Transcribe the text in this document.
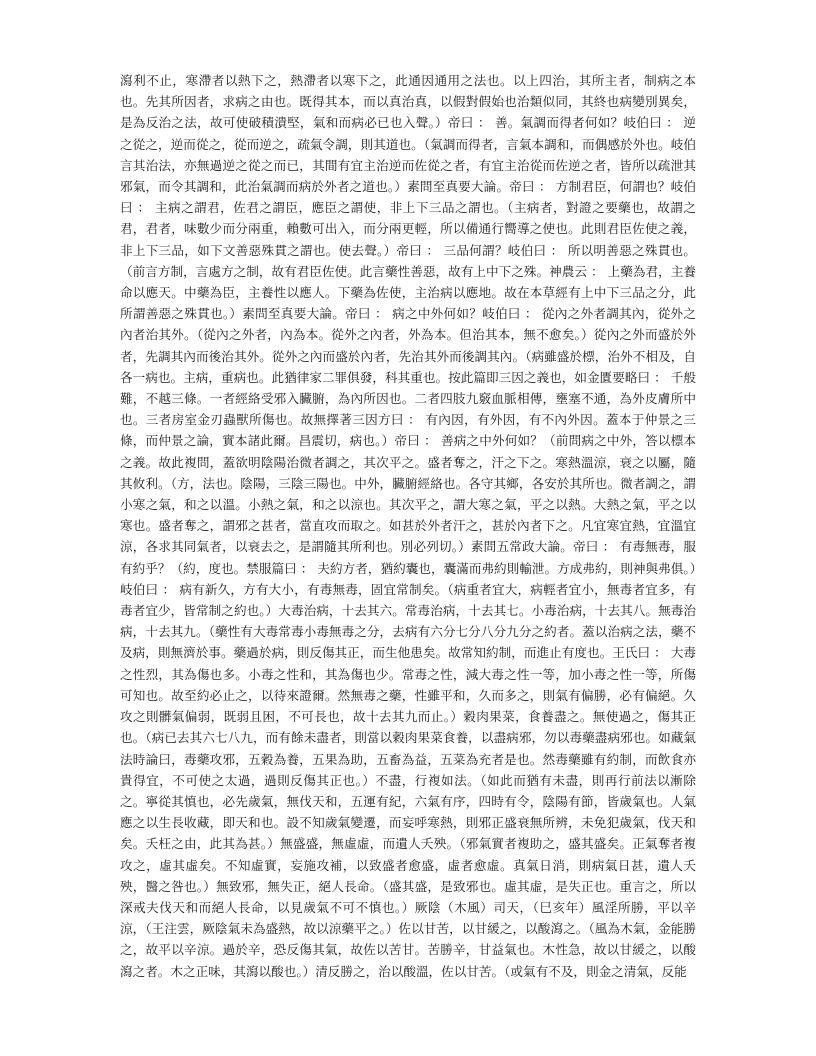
瀉利不止，寒滯者以熱下之，熱滯者以寒下之，此通因通用之法也。以上四治，其所主者，制病之本也。先其所因者，求病之由也。既得其本，而以真治真，以假對假始也治類似同，其終也病變別異矣，是為反治之法，故可使破積潰堅，氣和而病必已也入聲。）帝曰 ： 善。氣調而得者何如？岐伯曰 ： 逆之從之，逆而從之，從而逆之，疏氣令調，則其道也。（氣調而得者，言氣本調和，而偶感於外也。岐伯言其治法，亦無過逆之從之而已，其間有宜主治逆而佐從之者，有宜主治從而佐逆之者，皆所以疏泄其邪氣，而令其調和，此治氣調而病於外者之道也。）素問至真要大論。帝曰 ： 方制君臣，何謂也？岐伯曰 ： 主病之謂君，佐君之謂臣，應臣之謂使，非上下三品之謂也。（主病者，對證之要藥也，故謂之君，君者，味數少而分兩重，賴數可出入，而分兩更輕，所以備通行嚮導之使也。此則君臣佐使之義，非上下三品，如下文善惡殊貫之謂也。使去聲。）帝曰 ： 三品何謂？岐伯曰 ： 所以明善惡之殊貫也。（前言方制，言處方之制，故有君臣佐使。此言藥性善惡，故有上中下之殊。神農云 ： 上藥為君，主養命以應天。中藥為臣，主養性以應人。下藥為佐使，主治病以應地。故在本草經有上中下三品之分，此所謂善惡之殊貫也。）素問至真要大論。帝曰 ： 病之中外何如？岐伯曰 ： 從內之外者調其內，從外之內者治其外。（從內之外者，內為本。從外之內者，外為本。但治其本，無不愈矣。）從內之外而盛於外者，先調其內而後治其外。從外之內而盛於內者，先治其外而後調其內。（病雖盛於標，治外不相及，自各一病也。主病，重病也。此猶律家二罪俱發，科其重也。按此篇即三因之義也，如金匱要略曰 ： 千般難，不越三條。一者經絡受邪入臟腑，為內所因也。二者四肢九竅血脈相傳，壅塞不通，為外皮膚所中也。三者房室金刃蟲獸所傷也。故無擇著三因方曰 ： 有內因，有外因，有不內外因。蓋本于仲景之三條，而仲景之論，實本諸此爾。昌震切，病也。）帝曰 ： 善病之中外何如？（前問病之中外，答以標本之義。故此複問，蓋欲明陰陽治微者調之，其次平之。盛者奪之，汗之下之。寒熱溫涼，衰之以屬，隨其攸利。（方，法也。陰陽，三陰三陽也。中外，臟腑經絡也。各守其鄉，各安於其所也。微者調之，謂小寒之氣，和之以溫。小熱之氣，和之以涼也。其次平之，謂大寒之氣，平之以熱。大熱之氣，平之以寒也。盛者奪之，謂邪之甚者，當直攻而取之。如甚於外者汗之，甚於內者下之。凡宜寒宜熱，宜溫宜涼，各求其同氣者，以衰去之，是謂隨其所利也。別必列切。）素問五常政大論。帝曰 ： 有毒無毒，服有約乎？（約，度也。禁服篇曰 ： 夫約方者，猶約囊也，囊滿而弗約則輸泄。方成弗約，則神與弗俱。）岐伯曰 ： 病有新久，方有大小，有毒無毒，固宜常制矣。（病重者宜大，病輕者宜小，無毒者宜多，有毒者宜少，皆常制之約也。）大毒治病，十去其六。常毒治病，十去其七。小毒治病，十去其八。無毒治病，十去其九。（藥性有大毒常毒小毒無毒之分，去病有六分七分八分九分之約者。蓋以治病之法，藥不及病，則無濟於事。藥過於病，則反傷其正，而生他患矣。故常知約制，而進止有度也。王氏曰 ： 大毒之性烈，其為傷也多。小毒之性和，其為傷也少。常毒之性，減大毒之性一等，加小毒之性一等，所傷可知也。故至約必止之，以待來證爾。然無毒之藥，性雖平和，久而多之，則氣有偏勝，必有偏絕。久攻之則髒氣偏弱，既弱且困，不可長也，故十去其九而止。）穀肉果菜，食養盡之。無使過之，傷其正也。（病已去其六七八九，而有餘未盡者，則當以穀肉果菜食養，以盡病邪，勿以毒藥盡病邪也。如藏氣法時論曰，毒藥攻邪，五穀為養，五果為助，五畜為益，五菜為充者是也。然毒藥雖有約制，而飲食亦貴得宜，不可使之太過，過則反傷其正也。）不盡，行複如法。（如此而猶有未盡，則再行前法以漸除之。寧從其慎也，必先歲氣，無伐天和，五運有紀，六氣有序，四時有令，陰陽有節，皆歲氣也。人氣應之以生長收藏，即天和也。設不知歲氣變遷，而妄呼寒熱，則邪正盛衰無所辨，未免犯歲氣，伐天和矣。夭枉之由，此其為甚。）無盛盛，無虛虛，而遺人夭殃。（邪氣實者複助之，盛其盛矣。正氣奪者複攻之，虛其虛矣。不知虛實，妄施攻補，以致盛者愈盛，虛者愈虛。真氣日消，則病氣日甚，遺人夭殃，醫之咎也。）無致邪，無失正，絕人長命。（盛其盛，是致邪也。虛其虛，是失正也。重言之，所以深戒夫伐天和而絕人長命，以見歲氣不可不慎也。）厥陰（木風）司天，（巳亥年）風淫所勝，平以辛涼，（王注雲，厥陰氣未為盛熱，故以涼藥平之。）佐以甘苦，以甘緩之，以酸瀉之。（風為木氣，金能勝之，故平以辛涼。過於辛，恐反傷其氣，故佐以苦甘。苦勝辛，甘益氣也。木性急，故以甘緩之，以酸瀉之者。木之正味，其瀉以酸也。）清反勝之，治以酸溫，佐以甘苦。（或氣有不及，則金之清氣，反能
